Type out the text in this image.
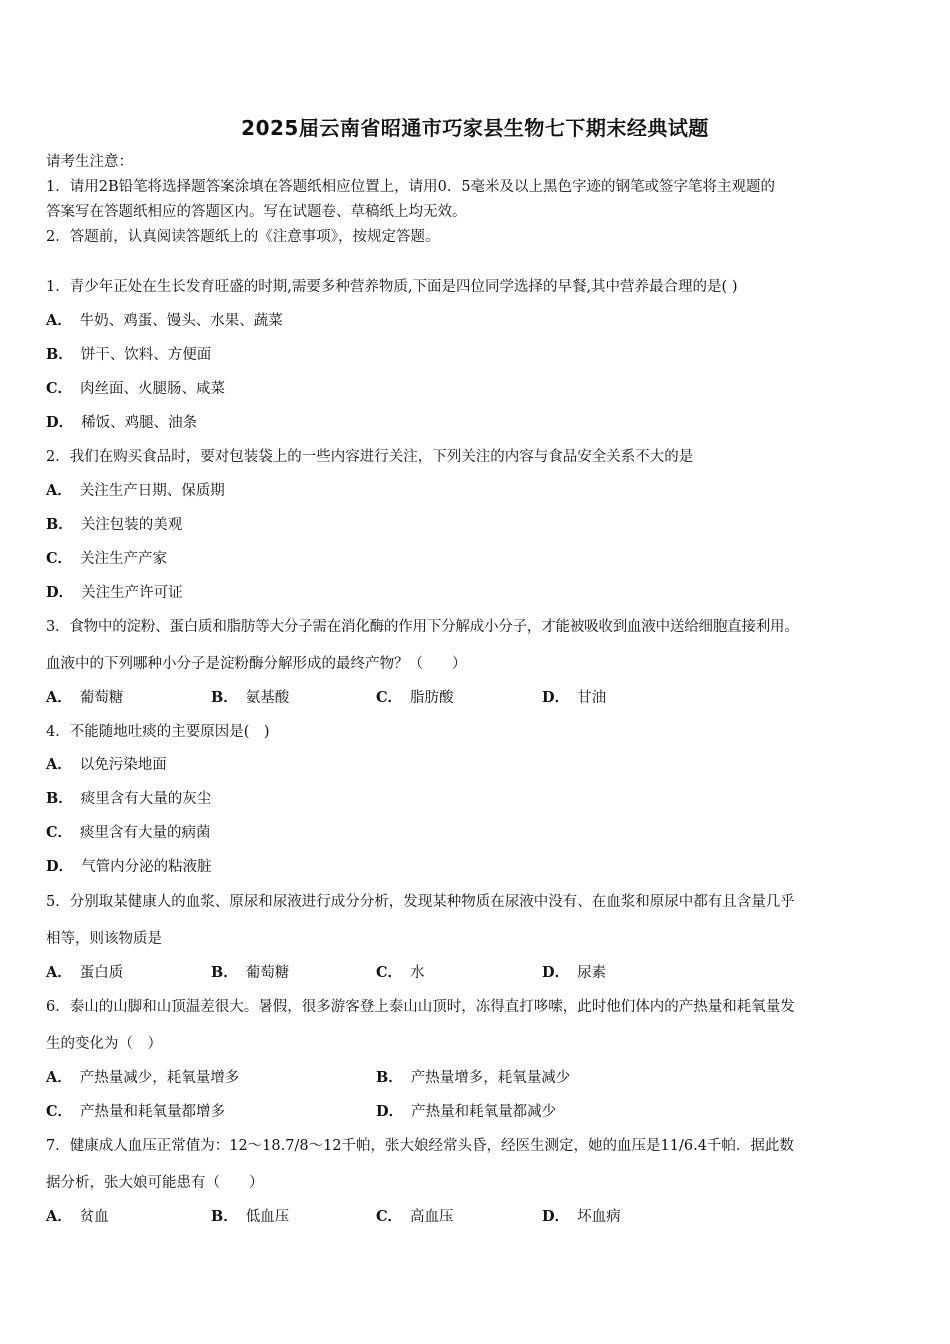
2025届云南省昭通市巧家县生物七下期末经典试题
请考生注意：
1．请用2B铅笔将选择题答案涂填在答题纸相应位置上，请用0．5毫米及以上黑色字迹的钢笔或签字笔将主观题的
答案写在答题纸相应的答题区内。写在试题卷、草稿纸上均无效。
2．答题前，认真阅读答题纸上的《注意事项》，按规定答题。
1．青少年正处在生长发育旺盛的时期,需要多种营养物质,下面是四位同学选择的早餐,其中营养最合理的是( )
A． 牛奶、鸡蛋、馒头、水果、蔬菜
B． 饼干、饮料、方便面
C． 肉丝面、火腿肠、咸菜
D． 稀饭、鸡腿、油条
2．我们在购买食品时，要对包装袋上的一些内容进行关注，下列关注的内容与食品安全关系不大的是
A． 关注生产日期、保质期
B． 关注包装的美观
C． 关注生产产家
D． 关注生产许可证
3．食物中的淀粉、蛋白质和脂肪等大分子需在消化酶的作用下分解成小分子，才能被吸收到血液中送给细胞直接利用。
血液中的下列哪种小分子是淀粉酶分解形成的最终产物？（　　）
A． 葡萄糖	B． 氨基酸	C． 脂肪酸	D． 甘油
4．不能随地吐痰的主要原因是(　)
A． 以免污染地面
B． 痰里含有大量的灰尘
C． 痰里含有大量的病菌
D． 气管内分泌的粘液脏
5．分别取某健康人的血浆、原尿和尿液进行成分分析，发现某种物质在尿液中没有、在血浆和原尿中都有且含量几乎
相等，则该物质是
A． 蛋白质	B． 葡萄糖	C． 水	D． 尿素
6．泰山的山脚和山顶温差很大。暑假，很多游客登上泰山山顶时，冻得直打哆嗦，此时他们体内的产热量和耗氧量发
生的变化为（　）
A． 产热量减少，耗氧量增多	B． 产热量增多，耗氧量减少
C． 产热量和耗氧量都增多	D． 产热量和耗氧量都减少
7．健康成人血压正常值为：12～18.7/8～12千帕，张大娘经常头昏，经医生测定，她的血压是11/6.4千帕．据此数
据分析，张大娘可能患有（　　）
A． 贫血	B． 低血压	C． 高血压	D． 坏血病
